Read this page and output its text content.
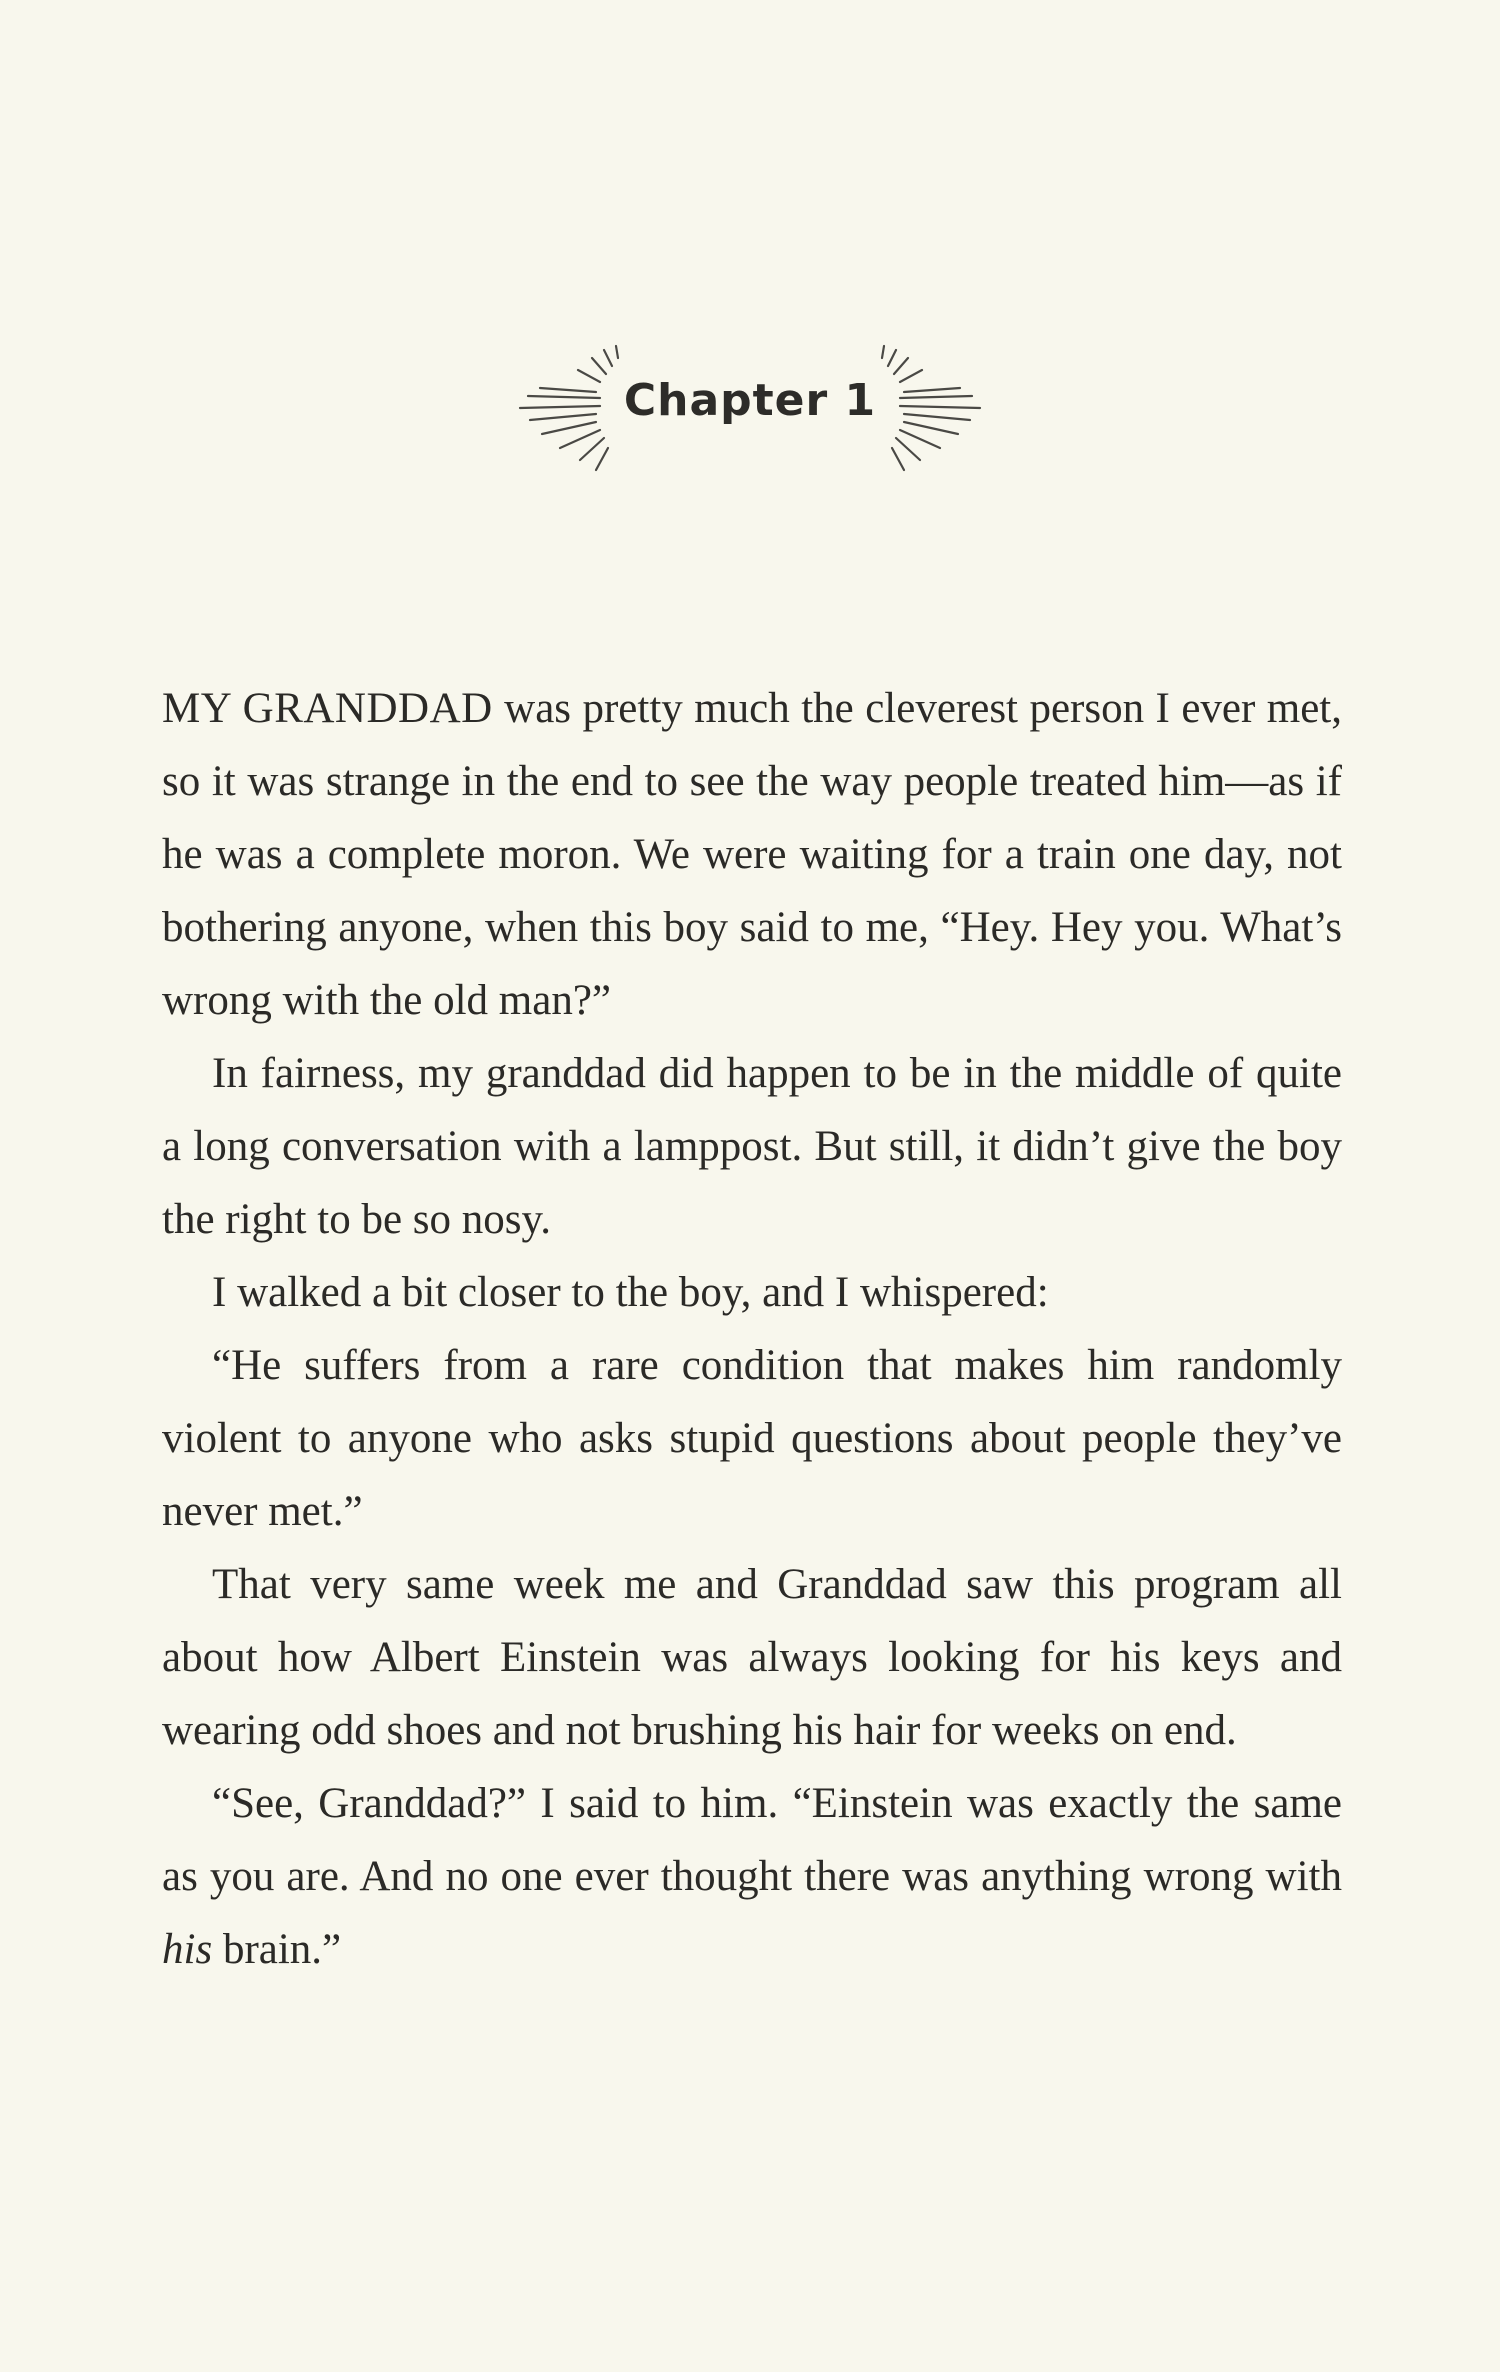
Chapter 1

MY GRANDDAD was pretty much the cleverest person I ever met, so it was strange in the end to see the way people treated him—as if he was a complete moron. We were waiting for a train one day, not bothering anyone, when this boy said to me, “Hey. Hey you. What’s wrong with the old man?”

In fairness, my granddad did happen to be in the middle of quite a long conversation with a lamppost. But still, it didn’t give the boy the right to be so nosy.

I walked a bit closer to the boy, and I whispered:

“He suffers from a rare condition that makes him randomly violent to anyone who asks stupid questions about people they’ve never met.”

That very same week me and Granddad saw this program all about how Albert Einstein was always looking for his keys and wearing odd shoes and not brushing his hair for weeks on end.

“See, Granddad?” I said to him. “Einstein was exactly the same as you are. And no one ever thought there was anything wrong with his brain.”
